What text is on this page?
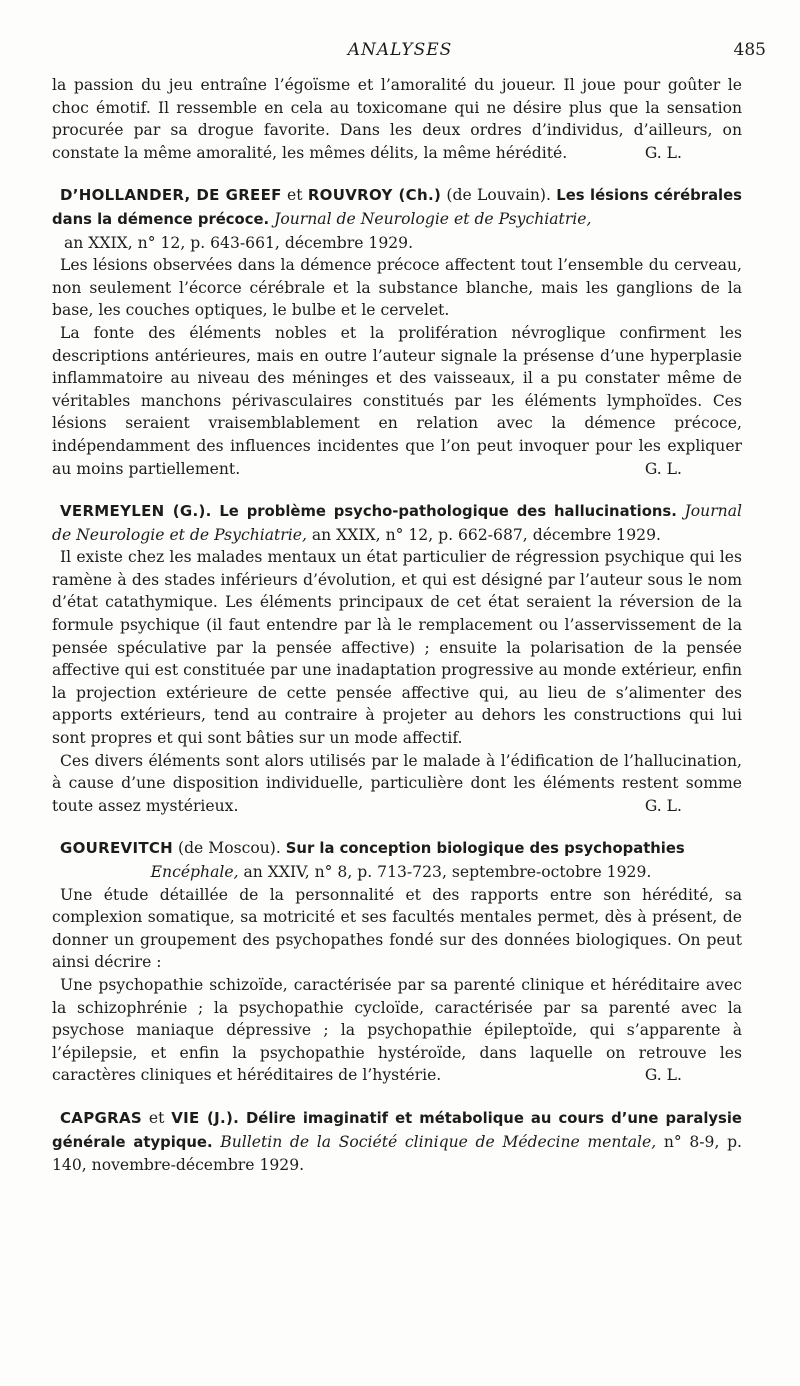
ANALYSES	485

la passion du jeu entraîne l’égoïsme et l’amoralité du joueur. Il joue pour goûter le choc émotif. Il ressemble en cela au toxicomane qui ne désire plus que la sensation procurée par sa drogue favorite. Dans les deux ordres d’individus, d’ailleurs, on constate la même amoralité, les mêmes délits, la même hérédité.	G. L.

D’HOLLANDER, DE GREEF et ROUVROY (Ch.) (de Louvain). Les lésions cérébrales dans la démence précoce. Journal de Neurologie et de Psychiatrie,
an XXIX, n° 12, p. 643-661, décembre 1929.

Les lésions observées dans la démence précoce affectent tout l’ensemble du cerveau, non seulement l’écorce cérébrale et la substance blanche, mais les ganglions de la base, les couches optiques, le bulbe et le cervelet.

La fonte des éléments nobles et la prolifération névroglique confirment les descriptions antérieures, mais en outre l’auteur signale la présense d’une hyperplasie inflammatoire au niveau des méninges et des vaisseaux, il a pu constater même de véritables manchons périvasculaires constitués par les éléments lymphoïdes. Ces lésions seraient vraisemblablement en relation avec la démence précoce, indépendamment des influences incidentes que l’on peut invoquer pour les expliquer au moins partiellement.	G. L.

VERMEYLEN (G.). Le problème psycho-pathologique des hallucinations. Journal de Neurologie et de Psychiatrie, an XXIX, n° 12, p. 662-687, décembre 1929.

Il existe chez les malades mentaux un état particulier de régression psychique qui les ramène à des stades inférieurs d’évolution, et qui est désigné par l’auteur sous le nom d’état catathymique. Les éléments principaux de cet état seraient la réversion de la formule psychique (il faut entendre par là le remplacement ou l’asservissement de la pensée spéculative par la pensée affective) ; ensuite la polarisation de la pensée affective qui est constituée par une inadaptation progressive au monde extérieur, enfin la projection extérieure de cette pensée affective qui, au lieu de s’alimenter des apports extérieurs, tend au contraire à projeter au dehors les constructions qui lui sont propres et qui sont bâties sur un mode affectif.

Ces divers éléments sont alors utilisés par le malade à l’édification de l’hallucination, à cause d’une disposition individuelle, particulière dont les éléments restent somme toute assez mystérieux.	G. L.

GOUREVITCH (de Moscou). Sur la conception biologique des psychopathies
Encéphale, an XXIV, n° 8, p. 713-723, septembre-octobre 1929.

Une étude détaillée de la personnalité et des rapports entre son hérédité, sa complexion somatique, sa motricité et ses facultés mentales permet, dès à présent, de donner un groupement des psychopathes fondé sur des données biologiques. On peut ainsi décrire :

Une psychopathie schizoïde, caractérisée par sa parenté clinique et héréditaire avec la schizophrénie ; la psychopathie cycloïde, caractérisée par sa parenté avec la psychose maniaque dépressive ; la psychopathie épileptoïde, qui s’apparente à l’épilepsie, et enfin la psychopathie hystéroïde, dans laquelle on retrouve les caractères cliniques et héréditaires de l’hystérie.	G. L.

CAPGRAS et VIE (J.). Délire imaginatif et métabolique au cours d’une paralysie générale atypique. Bulletin de la Société clinique de Médecine mentale, n° 8-9, p. 140, novembre-décembre 1929.
